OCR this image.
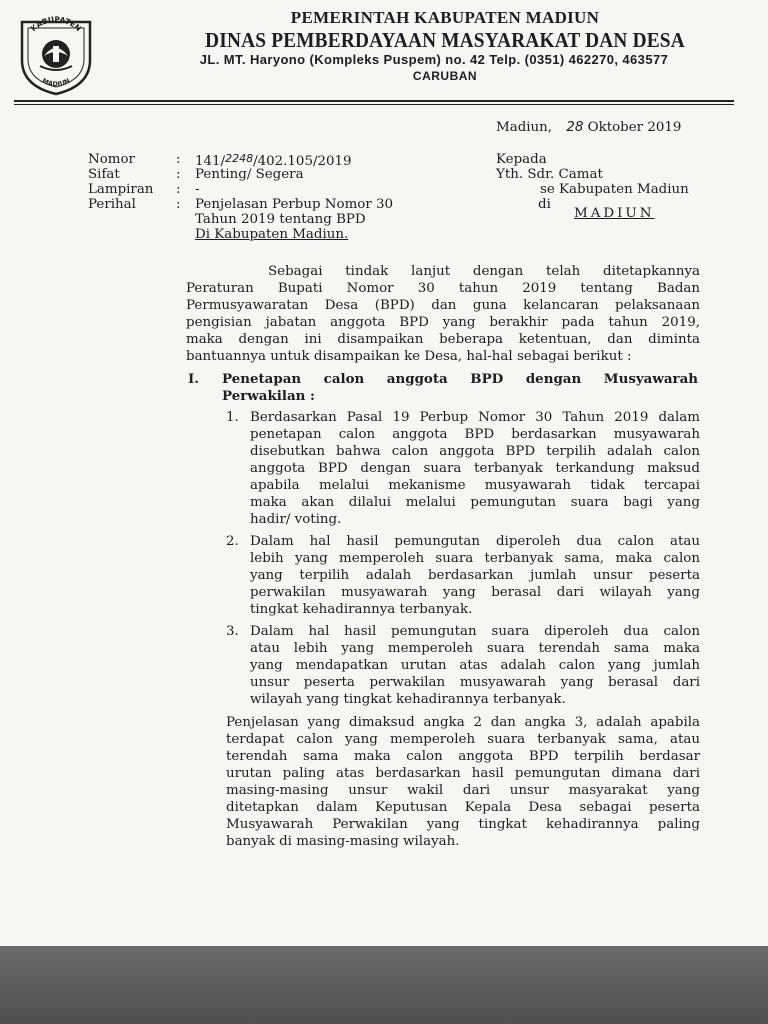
KABUPATEN
MADIUN
PEMERINTAH KABUPATEN MADIUN
DINAS PEMBERDAYAAN MASYARAKAT DAN DESA
JL. MT. Haryono (Kompleks Puspem) no. 42 Telp. (0351) 462270, 463577
CARUBAN
Madiun, 28 Oktober 2019
Nomor	: 141/$^{2248}$/402.105/2019
Sifat	: Penting/ Segera
Lampiran : -
Perihal	: Penjelasan Perbup Nomor 30
Tahun 2019 tentang BPD
Di Kabupaten Madiun.
Kepada
Yth. Sdr. Camat
se Kabupaten Madiun
di
MADIUN
Sebagai tindak lanjut dengan telah ditetapkannya
Peraturan Bupati Nomor 30 tahun 2019 tentang Badan
Permusyawaratan Desa (BPD) dan guna kelancaran pelaksanaan
pengisian jabatan anggota BPD yang berakhir pada tahun 2019,
maka dengan ini disampaikan beberapa ketentuan, dan diminta
bantuannya untuk disampaikan ke Desa, hal-hal sebagai berikut :
I. Penetapan calon anggota BPD dengan Musyawarah
Perwakilan :
1. Berdasarkan Pasal 19 Perbup Nomor 30 Tahun 2019 dalam
penetapan calon anggota BPD berdasarkan musyawarah
disebutkan bahwa calon anggota BPD terpilih adalah calon
anggota BPD dengan suara terbanyak terkandung maksud
apabila melalui mekanisme musyawarah tidak tercapai
maka akan dilalui melalui pemungutan suara bagi yang
hadir/ voting.
2. Dalam hal hasil pemungutan diperoleh dua calon atau
lebih yang memperoleh suara terbanyak sama, maka calon
yang terpilih adalah berdasarkan jumlah unsur peserta
perwakilan musyawarah yang berasal dari wilayah yang
tingkat kehadirannya terbanyak.
3. Dalam hal hasil pemungutan suara diperoleh dua calon
atau lebih yang memperoleh suara terendah sama maka
yang mendapatkan urutan atas adalah calon yang jumlah
unsur peserta perwakilan musyawarah yang berasal dari
wilayah yang tingkat kehadirannya terbanyak.
Penjelasan yang dimaksud angka 2 dan angka 3, adalah apabila
terdapat calon yang memperoleh suara terbanyak sama, atau
terendah sama maka calon anggota BPD terpilih berdasar
urutan paling atas berdasarkan hasil pemungutan dimana dari
masing-masing unsur wakil dari unsur masyarakat yang
ditetapkan dalam Keputusan Kepala Desa sebagai peserta
Musyawarah Perwakilan yang tingkat kehadirannya paling
banyak di masing-masing wilayah.
